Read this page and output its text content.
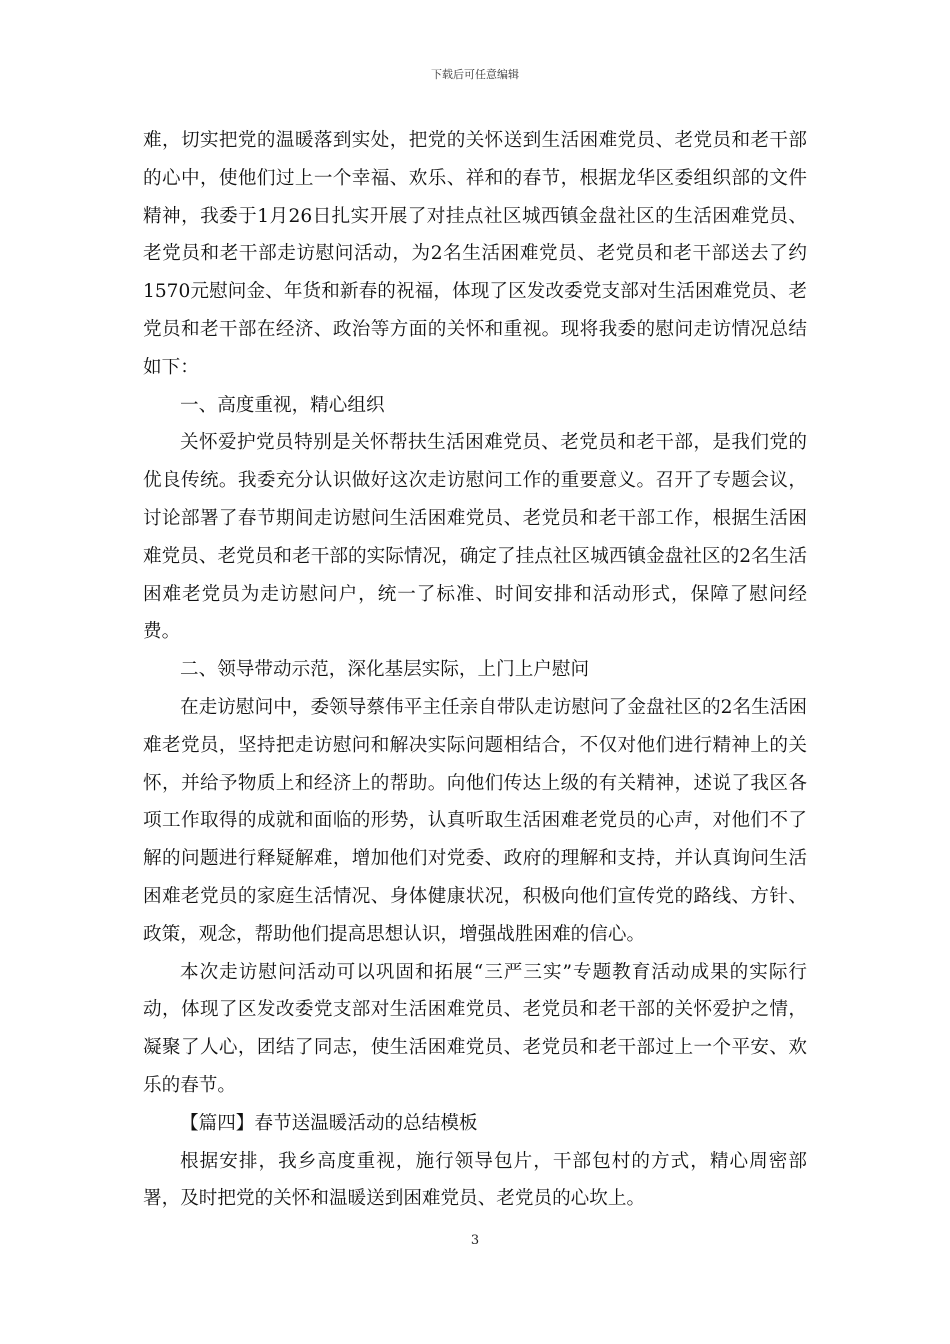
下载后可任意编辑

难，切实把党的温暖落到实处，把党的关怀送到生活困难党员、老党员和老干部的心中，使他们过上一个幸福、欢乐、祥和的春节，根据龙华区委组织部的文件精神，我委于1月26日扎实开展了对挂点社区城西镇金盘社区的生活困难党员、老党员和老干部走访慰问活动，为2名生活困难党员、老党员和老干部送去了约1570元慰问金、年货和新春的祝福，体现了区发改委党支部对生活困难党员、老党员和老干部在经济、政治等方面的关怀和重视。现将我委的慰问走访情况总结如下：

一、高度重视，精心组织

关怀爱护党员特别是关怀帮扶生活困难党员、老党员和老干部，是我们党的优良传统。我委充分认识做好这次走访慰问工作的重要意义。召开了专题会议，讨论部署了春节期间走访慰问生活困难党员、老党员和老干部工作，根据生活困难党员、老党员和老干部的实际情况，确定了挂点社区城西镇金盘社区的2名生活困难老党员为走访慰问户，统一了标准、时间安排和活动形式，保障了慰问经费。

二、领导带动示范，深化基层实际，上门上户慰问

在走访慰问中，委领导蔡伟平主任亲自带队走访慰问了金盘社区的2名生活困难老党员，坚持把走访慰问和解决实际问题相结合，不仅对他们进行精神上的关怀，并给予物质上和经济上的帮助。向他们传达上级的有关精神，述说了我区各项工作取得的成就和面临的形势，认真听取生活困难老党员的心声，对他们不了解的问题进行释疑解难，增加他们对党委、政府的理解和支持，并认真询问生活困难老党员的家庭生活情况、身体健康状况，积极向他们宣传党的路线、方针、政策，观念，帮助他们提高思想认识，增强战胜困难的信心。

本次走访慰问活动可以巩固和拓展“三严三实”专题教育活动成果的实际行动，体现了区发改委党支部对生活困难党员、老党员和老干部的关怀爱护之情，凝聚了人心，团结了同志，使生活困难党员、老党员和老干部过上一个平安、欢乐的春节。

【篇四】春节送温暖活动的总结模板

根据安排，我乡高度重视，施行领导包片，干部包村的方式，精心周密部署，及时把党的关怀和温暖送到困难党员、老党员的心坎上。

3
